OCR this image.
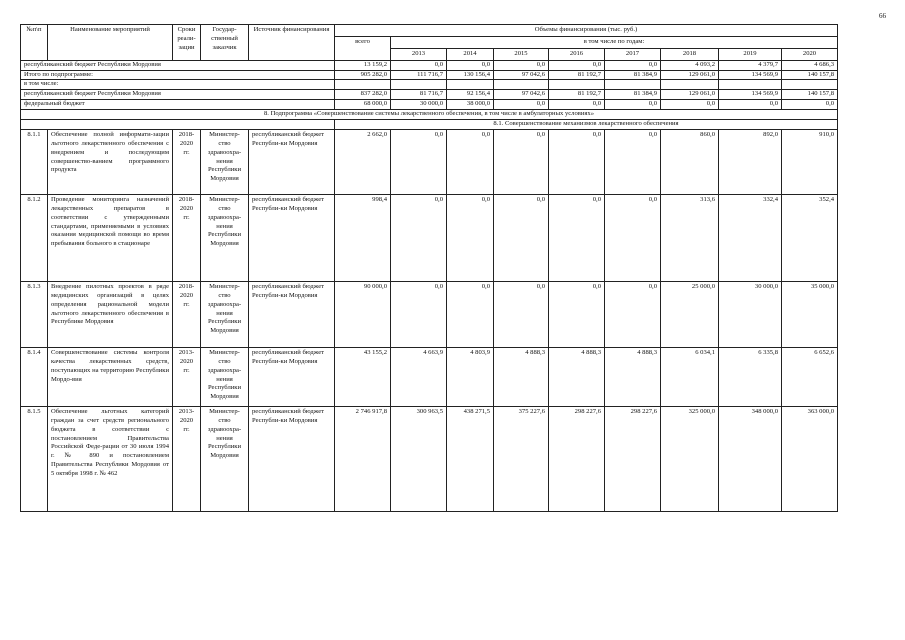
66
№п\п	Наименование мероприятий	Сроки реали-зации	Государ-ственный заказчик	Источник финансирования	Объемы финансирования (тыс. руб.)								
					всего	в том числе по годам:							
						2013	2014	2015	2016	2017	2018	2019	2020
республиканский бюджет Республики Мордовия					13 159,2	0,0	0,0	0,0	0,0	0,0	4 093,2	4 379,7	4 686,3
Итого по подпрограмме:					905 282,0	111 716,7	130 156,4	97 042,6	81 192,7	81 384,9	129 061,0	134 569,9	140 157,8
в том числе:													
республиканский бюджет Республики Мордовия					837 282,0	81 716,7	92 156,4	97 042,6	81 192,7	81 384,9	129 061,0	134 569,9	140 157,8
федеральный бюджет					68 000,0	30 000,0	38 000,0	0,0	0,0	0,0	0,0	0,0	0,0
8. Подпрограмма «Совершенствование системы лекарственного обеспечения, в том числе в амбулаторных условиях»													
					8.1. Совершенствование механизмов лекарственного обеспечения								
8.1.1	Обеспечение полной информати-зации льготного лекарственного обеспечения с внедрением и последующим совершенство-ванием программного продукта	2018-2020 гг.	Министер-ство здравоохра-нения Республики Мордовия	республиканский бюджет Республи-ки Мордовия	2 662,0	0,0	0,0	0,0	0,0	0,0	860,0	892,0	910,0
8.1.2	Проведение мониторинга назначений лекарственных препаратов в соответствии с утвержденными стандартами, применяемыми в условиях оказания медицинской помощи во время пребывания больного в стационаре	2018-2020 гг.	Министер-ство здравоохра-нения Республики Мордовия	республиканский бюджет Республи-ки Мордовия	998,4	0,0	0,0	0,0	0,0	0,0	313,6	332,4	352,4
8.1.3	Внедрение пилотных проектов в ряде медицинских организаций в целях определения рациональной модели льготного лекарственного обеспечения в Республике Мордовия	2018-2020 гг.	Министер-ство здравоохра-нения Республики Мордовия	республиканский бюджет Республи-ки Мордовия	90 000,0	0,0	0,0	0,0	0,0	0,0	25 000,0	30 000,0	35 000,0
8.1.4	Совершенствование системы контроля качества лекарственных средств, поступающих на территорию Республики Мордо-вия	2013-2020 гг.	Министер-ство здравоохра-нения Республики Мордовия	республиканский бюджет Республи-ки Мордовия	43 155,2	4 663,9	4 803,9	4 888,3	4 888,3	4 888,3	6 034,1	6 335,8	6 652,6
8.1.5	Обеспечение льготных категорий граждан за счет средств регионального бюджета в соответствии с постановлением Правительства Российской Феде-рации от 30 июля 1994 г. № 890 и постановлением Правительства Республики Мордовия от 5 октября 1998 г. № 462	2013-2020 гг.	Министер-ство здравоохра-нения Республики Мордовия	республиканский бюджет Республи-ки Мордовия	2 746 917,8	300 963,5	438 271,5	375 227,6	298 227,6	298 227,6	325 000,0	348 000,0	363 000,0
